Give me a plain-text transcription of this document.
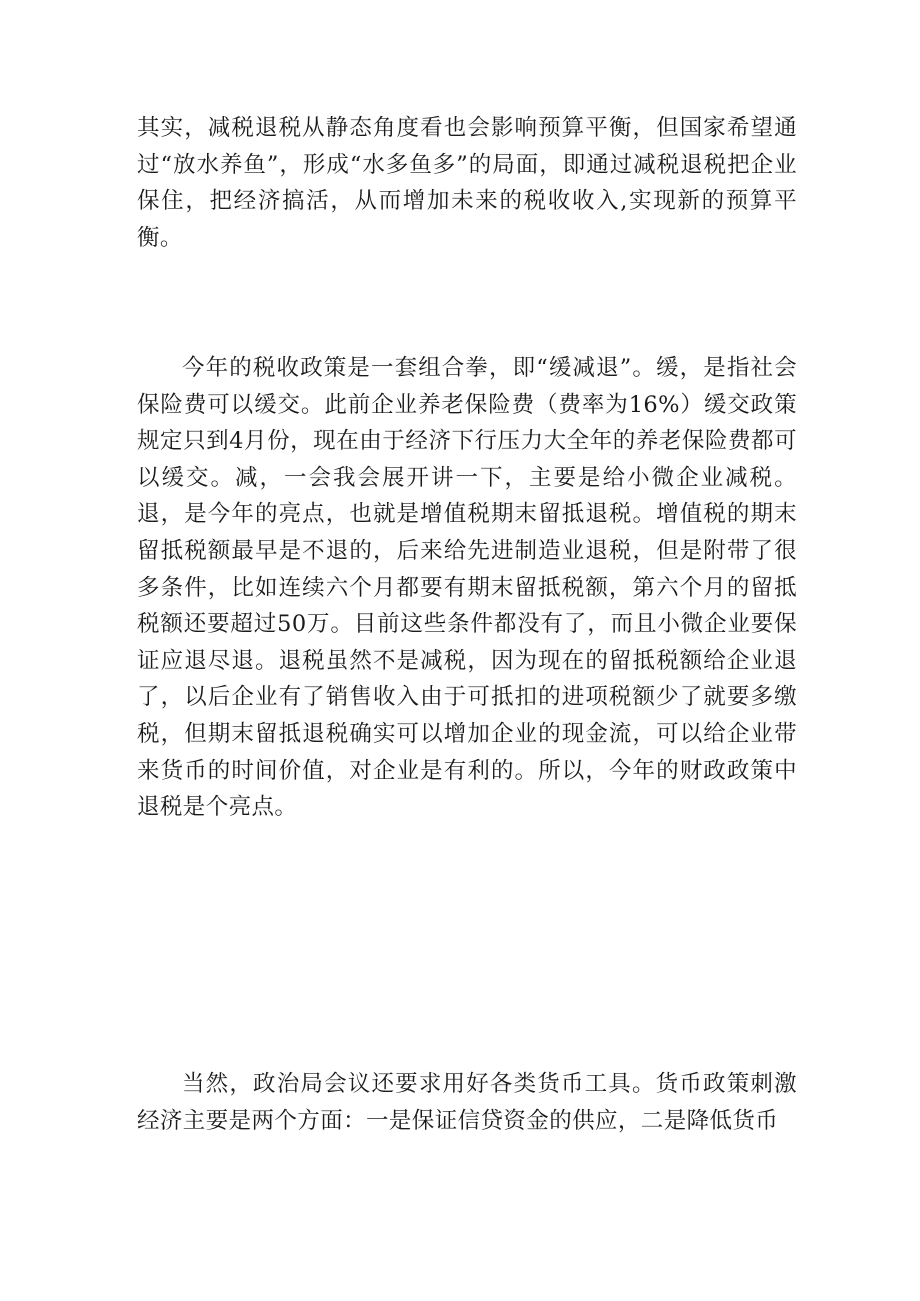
其实，减税退税从静态角度看也会影响预算平衡，但国家希望通过“放水养鱼”，形成“水多鱼多”的局面，即通过减税退税把企业保住，把经济搞活，从而增加未来的税收收入,实现新的预算平衡。

今年的税收政策是一套组合拳，即“缓减退”。缓，是指社会保险费可以缓交。此前企业养老保险费（费率为16%）缓交政策规定只到4月份，现在由于经济下行压力大全年的养老保险费都可以缓交。减，一会我会展开讲一下，主要是给小微企业减税。退，是今年的亮点，也就是增值税期末留抵退税。增值税的期末留抵税额最早是不退的，后来给先进制造业退税，但是附带了很多条件，比如连续六个月都要有期末留抵税额，第六个月的留抵税额还要超过50万。目前这些条件都没有了，而且小微企业要保证应退尽退。退税虽然不是减税，因为现在的留抵税额给企业退了，以后企业有了销售收入由于可抵扣的进项税额少了就要多缴税，但期末留抵退税确实可以增加企业的现金流，可以给企业带来货币的时间价值，对企业是有利的。所以，今年的财政政策中退税是个亮点。

当然，政治局会议还要求用好各类货币工具。货币政策刺激经济主要是两个方面：一是保证信贷资金的供应，二是降低货币
